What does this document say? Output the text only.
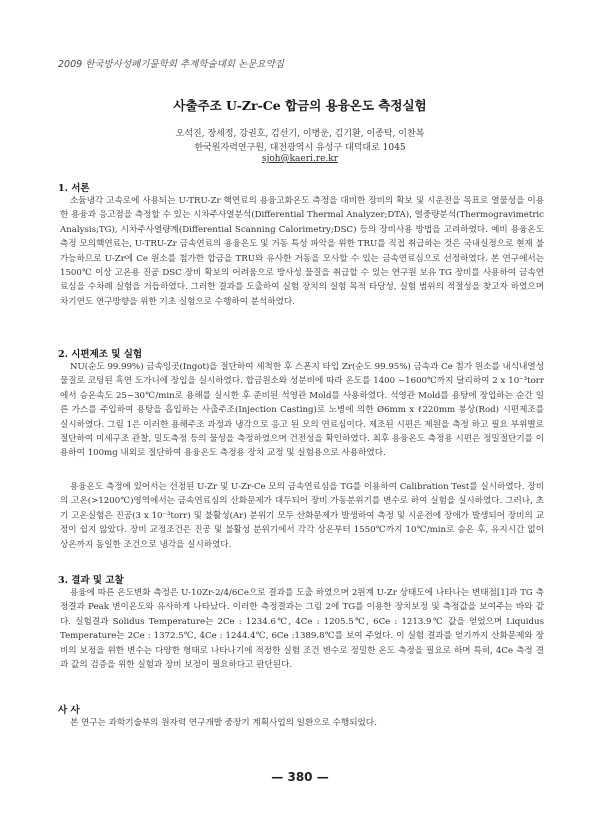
2009 한국방사성폐기물학회 추계학술대회 논문요약집
사출주조 U-Zr-Ce 합금의 용융온도 측정실험
오석진, 장세정, 강권호, 김선기, 이병운, 김기환, 이종탁, 이찬복
한국원자력연구원, 대전광역시 유성구 대덕대로 1045
sjoh@kaeri.re.kr
1. 서론

소듐냉각 고속로에 사용되는 U-TRU-Zr 핵연료의 용융고화온도 측정을 대비한 장비의 확보 및 시운전을 목표로 열물성을 이용한 용융과 응고점을 측정할 수 있는 시차주사열분석(Differential Thermal Analyzer;DTA), 열중량분석(Thermogravimetric Analysis;TG), 시차주사열량계(Differential Scanning Calorimetry;DSC) 등의 장비사용 방법을 고려하였다. 예비 용융온도 측정 모의핵연료는, U-TRU-Zr 금속연료의 용융온도 및 거동 특성 파악을 위한 TRU를 직접 취급하는 것은 국내실정으로 현재 불가능하므로 U-Zr에 Ce 원소를 첨가한 합금을 TRU와 유사한 거동을 모사할 수 있는 금속연료심으로 선정하였다. 본 연구에서는 1500℃ 이상 고온용 진공 DSC 장비 확보의 어려움으로 방사성 물질을 취급할 수 있는 연구원 보유 TG 장비를 사용하여 금속연료심을 수차례 실험을 거듭하였다. 그러한 결과를 도출하여 실험 장치의 실험 목적 타당성, 실험 범위의 적절성을 찾고자 하였으며 차기연도 연구방향을 위한 기초 실험으로 수행하여 분석하였다.

2. 시편제조 및 실험

NU(순도 99.99%) 금속잉곳(Ingot)을 절단하여 세척한 후 스폰지 타입 Zr(순도 99.95%) 금속과 Ce 첨가 원소를 내식내열성 물질로 코팅된 흑연 도가니에 장입을 실시하였다. 합금원소와 성분비에 따라 온도를 1400 ~1600℃까지 달리하여 2 x 10⁻³torr에서 승온속도 25~30℃/min로 용해를 실시한 후 준비된 석영관 Mold를 사용하였다. 석영관 Mold를 용탕에 장입하는 순간 일른 가스를 주입하여 용탕을 흡입하는 사출주조(Injection Casting)로 노병에 의한 Ø6mm x ℓ220mm 봉상(Rod) 시편제조를 실시하였다. 그림 1은 이러한 용해주조 과정과 냉각으로 응고 된 모의 연료심이다. 제조된 시편은 제원을 측정 하고 필요 부위별로 절단하여 미세구조 관찰, 밀도측정 등의 물성을 측정하였으며 건전성을 확인하였다. 최후 용융온도 측정용 시편은 정밀절단기를 이용하여 100mg 내외로 절단하여 용융온도 측정용 장치 교정 및 실험용으로 사용하였다.

용융온도 측정에 있어서는 선정된 U-Zr 및 U-Zr-Ce 모의 금속연료심을 TG를 이용하여 Calibration Test를 실시하였다. 장비의 고온(>1200℃)영역에서는 금속연료심의 산화문제가 대두되어 장비 가동분위기를 변수로 하여 실험을 실시하였다. 그러나, 초기 고온실험은 진공(3 x 10⁻³torr) 및 불활성(Ar) 분위기 모두 산화문제가 발생하여 측정 및 시운전에 장애가 발생되어 장비의 교정이 쉽지 않았다. 장비 교정조건은 진공 및 불활성 분위기에서 각각 상온부터 1550℃까지 10℃/min로 승온 후, 유지시간 없이 상온까지 동일한 조건으로 냉각을 실시하였다.

3. 결과 및 고찰

용융에 따른 온도변화 측정은 U-10Zr-2/4/6Ce으로 결과를 도출 하였으며 2원계 U-Zr 상태도에 나타나는 변태점[1]과 TG 측정결과 Peak 변이온도와 유사하게 나타났다. 이러한 측정결과는 그림 2에 TG를 이용한 장치보정 및 측정값을 보여주는 바와 같다. 실험결과 Solidus Temperature는 2Ce : 1234.6℃, 4Ce : 1205.5℃, 6Ce : 1213.9℃ 값을 얻었으며 Liquidus Temperature는 2Ce : 1372.5℃, 4Ce : 1244.4℃, 6Ce :1389.8℃를 보여 주었다. 이 실험 결과를 얻기까지 산화문제와 장비의 보정을 위한 변수는 다양한 형태로 나타나기에 적정한 실험 조건 변수로 정밀한 온도 측정을 필요로 하며 특히, 4Ce 측정 결과 값의 검증을 위한 실험과 장비 보정이 필요하다고 판단된다.

사 사

본 연구는 과학기술부의 원자력 연구개발 중장기 계획사업의 일환으로 수행되었다.

— 380 —
